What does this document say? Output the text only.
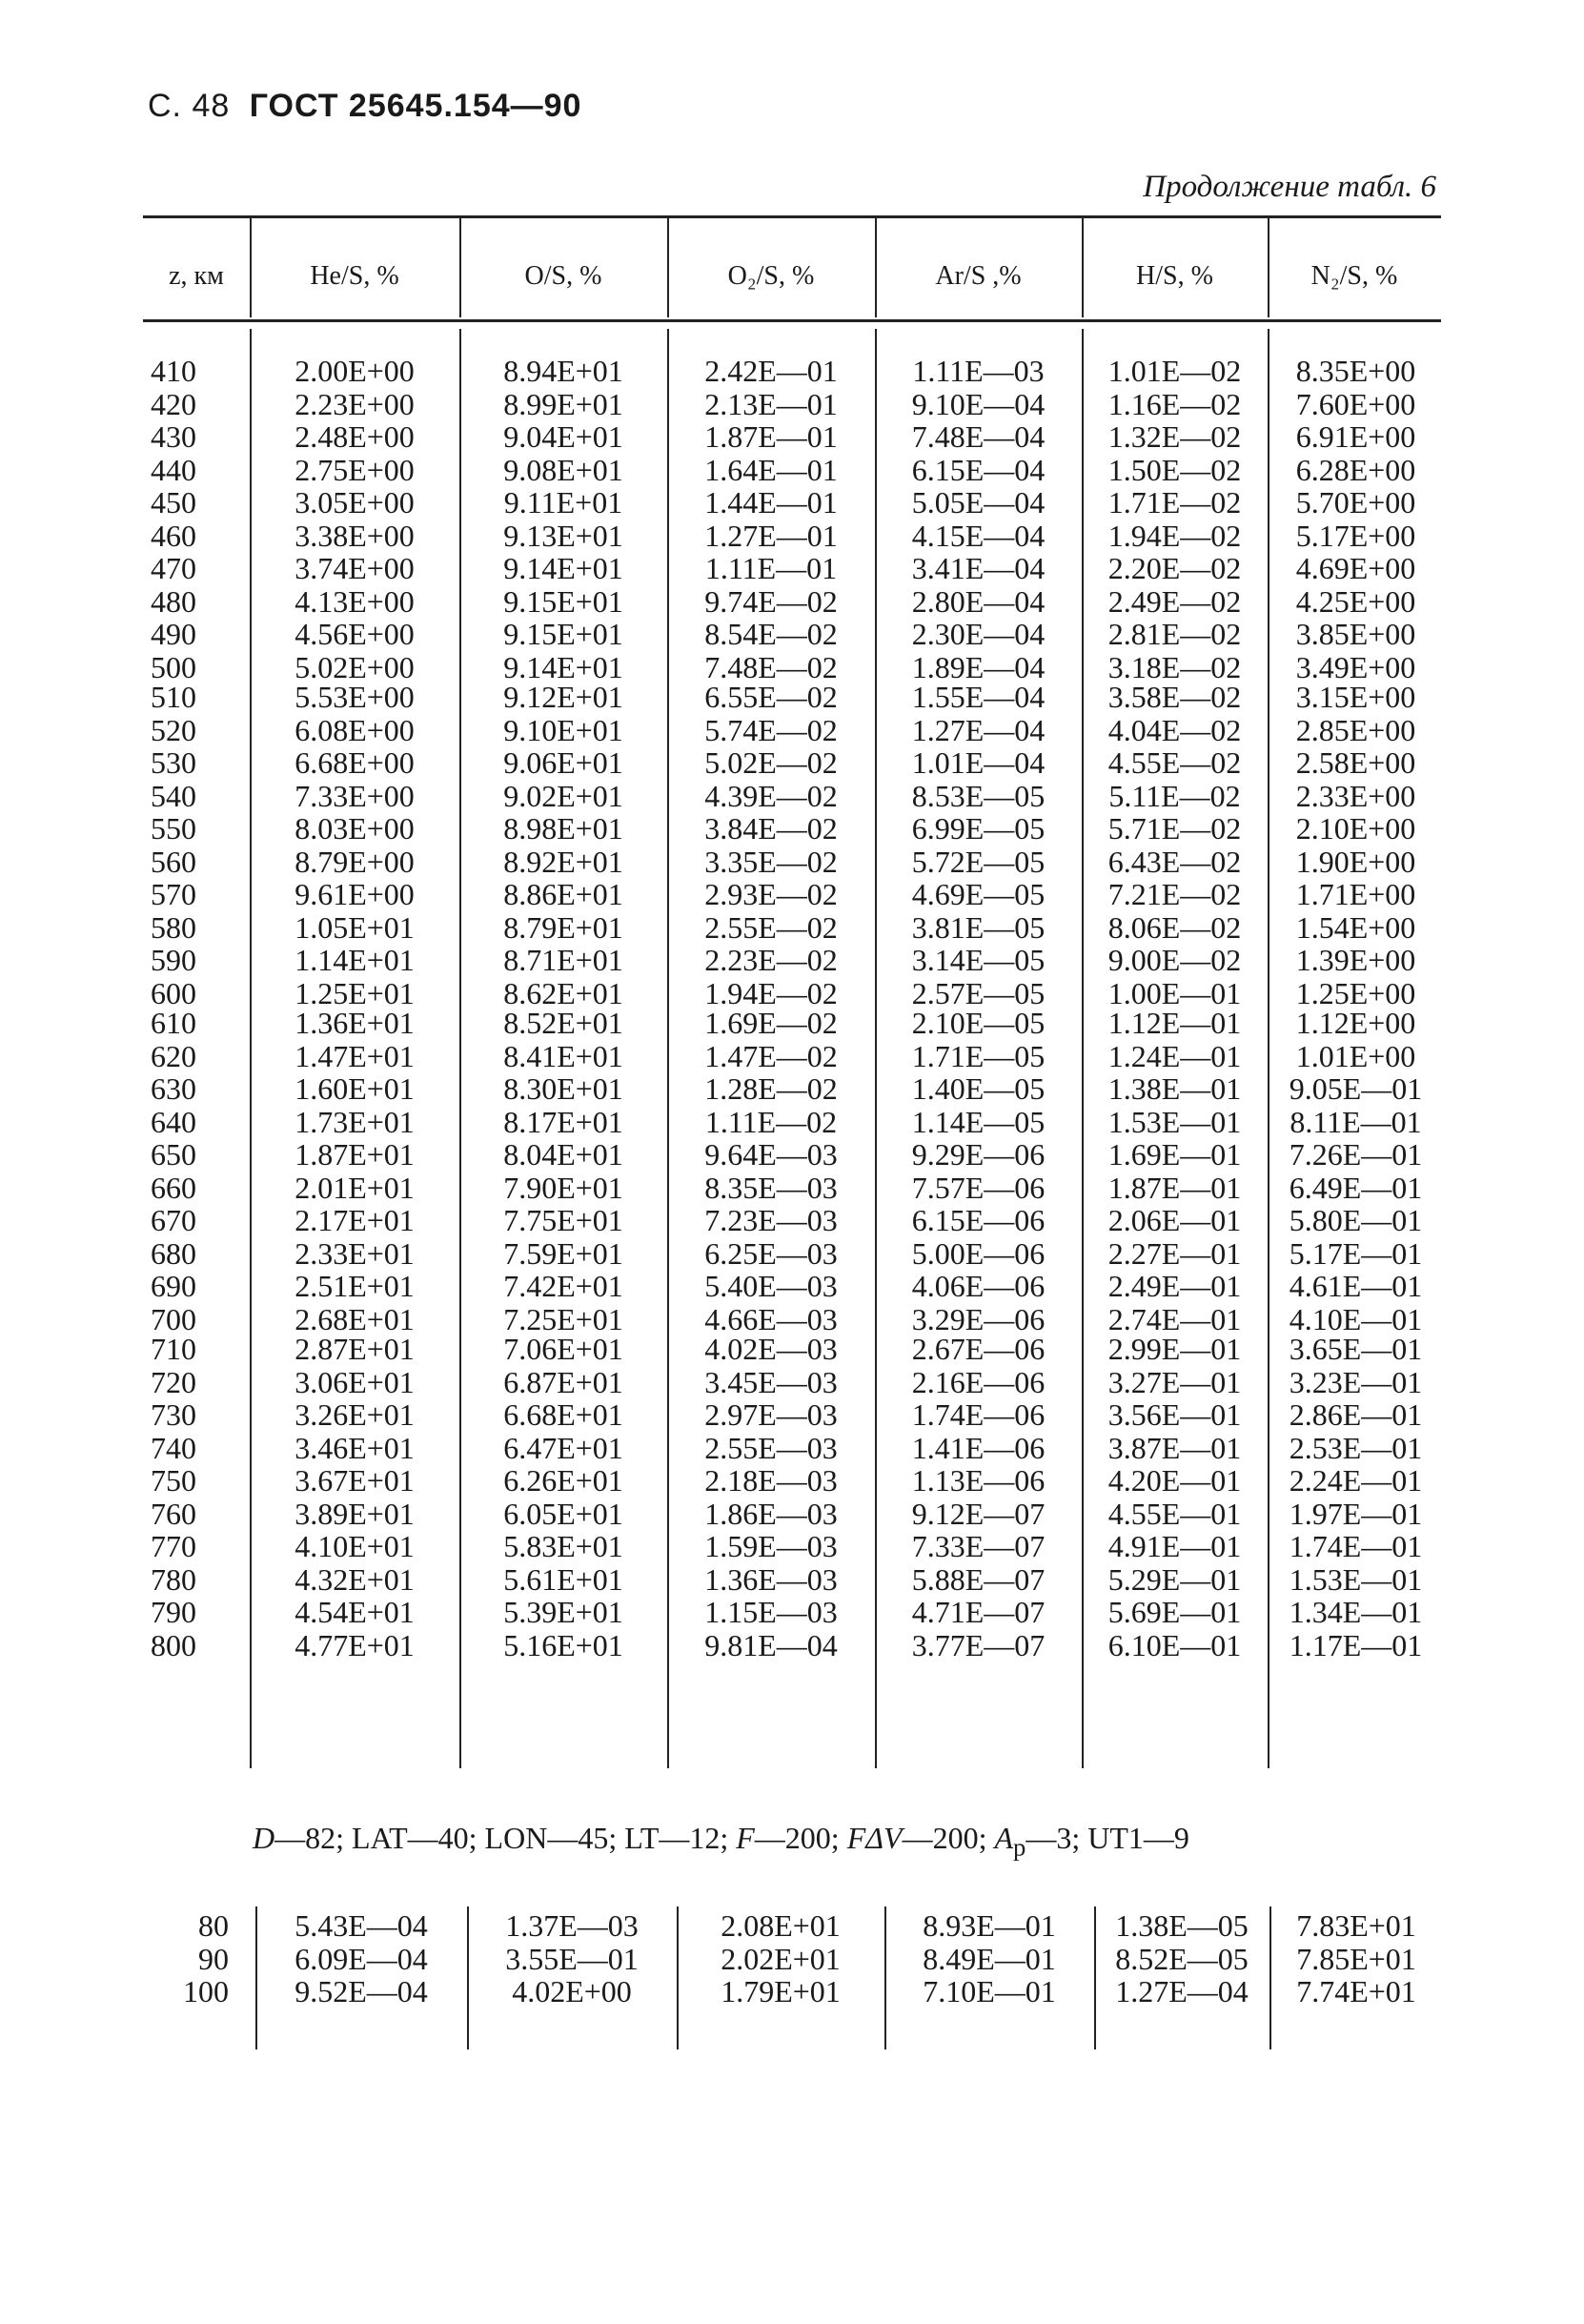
С. 48 ГОСТ 25645.154—90
Продолжение табл. 6
z, км	He/S, %	O/S, %	O₂/S, %	Ar/S ,%	H/S, %	N₂/S, %
410	2.00E+00	8.94E+01	2.42E—01	1.11E—03	1.01E—02	8.35E+00
420	2.23E+00	8.99E+01	2.13E—01	9.10E—04	1.16E—02	7.60E+00
430	2.48E+00	9.04E+01	1.87E—01	7.48E—04	1.32E—02	6.91E+00
440	2.75E+00	9.08E+01	1.64E—01	6.15E—04	1.50E—02	6.28E+00
450	3.05E+00	9.11E+01	1.44E—01	5.05E—04	1.71E—02	5.70E+00
460	3.38E+00	9.13E+01	1.27E—01	4.15E—04	1.94E—02	5.17E+00
470	3.74E+00	9.14E+01	1.11E—01	3.41E—04	2.20E—02	4.69E+00
480	4.13E+00	9.15E+01	9.74E—02	2.80E—04	2.49E—02	4.25E+00
490	4.56E+00	9.15E+01	8.54E—02	2.30E—04	2.81E—02	3.85E+00
500	5.02E+00	9.14E+01	7.48E—02	1.89E—04	3.18E—02	3.49E+00
510	5.53E+00	9.12E+01	6.55E—02	1.55E—04	3.58E—02	3.15E+00
520	6.08E+00	9.10E+01	5.74E—02	1.27E—04	4.04E—02	2.85E+00
530	6.68E+00	9.06E+01	5.02E—02	1.01E—04	4.55E—02	2.58E+00
540	7.33E+00	9.02E+01	4.39E—02	8.53E—05	5.11E—02	2.33E+00
550	8.03E+00	8.98E+01	3.84E—02	6.99E—05	5.71E—02	2.10E+00
560	8.79E+00	8.92E+01	3.35E—02	5.72E—05	6.43E—02	1.90E+00
570	9.61E+00	8.86E+01	2.93E—02	4.69E—05	7.21E—02	1.71E+00
580	1.05E+01	8.79E+01	2.55E—02	3.81E—05	8.06E—02	1.54E+00
590	1.14E+01	8.71E+01	2.23E—02	3.14E—05	9.00E—02	1.39E+00
600	1.25E+01	8.62E+01	1.94E—02	2.57E—05	1.00E—01	1.25E+00
610	1.36E+01	8.52E+01	1.69E—02	2.10E—05	1.12E—01	1.12E+00
620	1.47E+01	8.41E+01	1.47E—02	1.71E—05	1.24E—01	1.01E+00
630	1.60E+01	8.30E+01	1.28E—02	1.40E—05	1.38E—01	9.05E—01
640	1.73E+01	8.17E+01	1.11E—02	1.14E—05	1.53E—01	8.11E—01
650	1.87E+01	8.04E+01	9.64E—03	9.29E—06	1.69E—01	7.26E—01
660	2.01E+01	7.90E+01	8.35E—03	7.57E—06	1.87E—01	6.49E—01
670	2.17E+01	7.75E+01	7.23E—03	6.15E—06	2.06E—01	5.80E—01
680	2.33E+01	7.59E+01	6.25E—03	5.00E—06	2.27E—01	5.17E—01
690	2.51E+01	7.42E+01	5.40E—03	4.06E—06	2.49E—01	4.61E—01
700	2.68E+01	7.25E+01	4.66E—03	3.29E—06	2.74E—01	4.10E—01
710	2.87E+01	7.06E+01	4.02E—03	2.67E—06	2.99E—01	3.65E—01
720	3.06E+01	6.87E+01	3.45E—03	2.16E—06	3.27E—01	3.23E—01
730	3.26E+01	6.68E+01	2.97E—03	1.74E—06	3.56E—01	2.86E—01
740	3.46E+01	6.47E+01	2.55E—03	1.41E—06	3.87E—01	2.53E—01
750	3.67E+01	6.26E+01	2.18E—03	1.13E—06	4.20E—01	2.24E—01
760	3.89E+01	6.05E+01	1.86E—03	9.12E—07	4.55E—01	1.97E—01
770	4.10E+01	5.83E+01	1.59E—03	7.33E—07	4.91E—01	1.74E—01
780	4.32E+01	5.61E+01	1.36E—03	5.88E—07	5.29E—01	1.53E—01
790	4.54E+01	5.39E+01	1.15E—03	4.71E—07	5.69E—01	1.34E—01
800	4.77E+01	5.16E+01	9.81E—04	3.77E—07	6.10E—01	1.17E—01
80	5.43E—04	1.37E—03	2.08E+01	8.93E—01	1.38E—05	7.83E+01
90	6.09E—04	3.55E—01	2.02E+01	8.49E—01	8.52E—05	7.85E+01
100	9.52E—04	4.02E+00	1.79E+01	7.10E—01	1.27E—04	7.74E+01
D—82; LAT—40; LON—45; LT—12; F—200; FΔV—200; $A_p—3$; UT1—9
